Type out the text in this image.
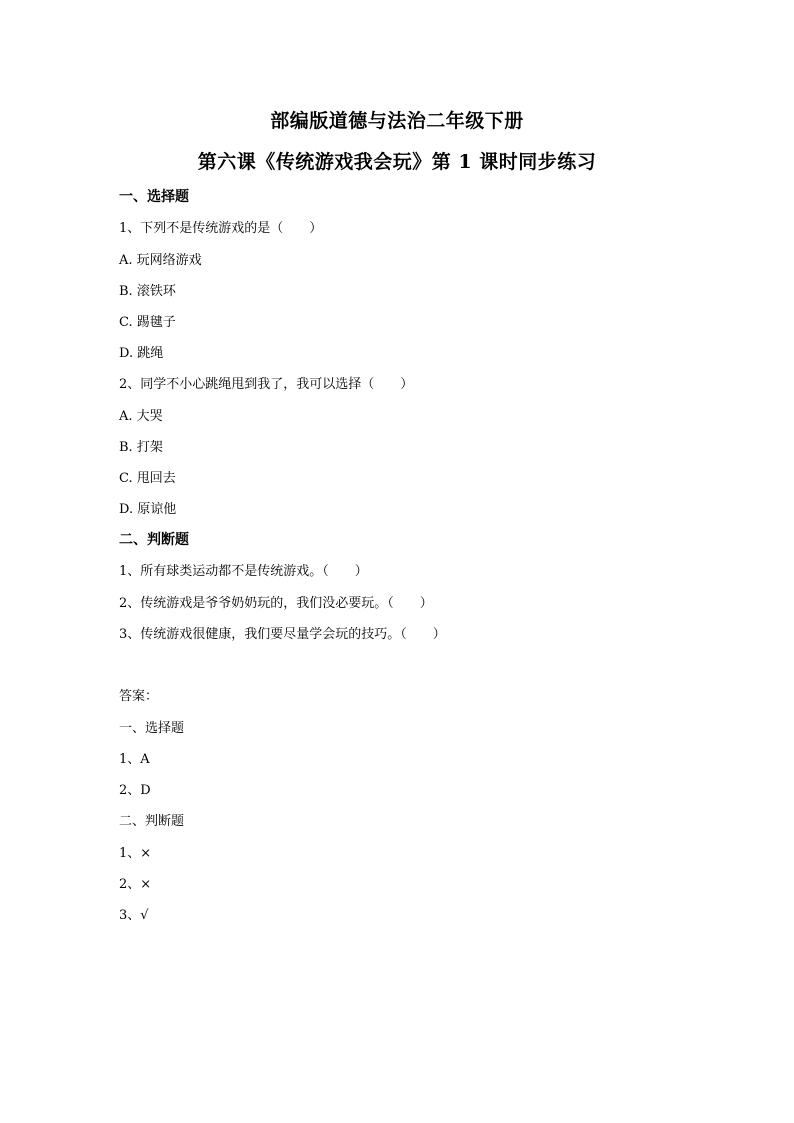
部编版道德与法治二年级下册
第六课《传统游戏我会玩》第 1 课时同步练习
一、选择题
1、下列不是传统游戏的是（　　）
A. 玩网络游戏
B. 滚铁环
C. 踢毽子
D. 跳绳
2、同学不小心跳绳甩到我了，我可以选择（　　）
A. 大哭
B. 打架
C. 甩回去
D. 原谅他
二、判断题
1、所有球类运动都不是传统游戏。（　　）
2、传统游戏是爷爷奶奶玩的，我们没必要玩。（　　）
3、传统游戏很健康，我们要尽量学会玩的技巧。（　　）
答案：
一、选择题
1、A
2、D
二、判断题
1、×
2、×
3、√
